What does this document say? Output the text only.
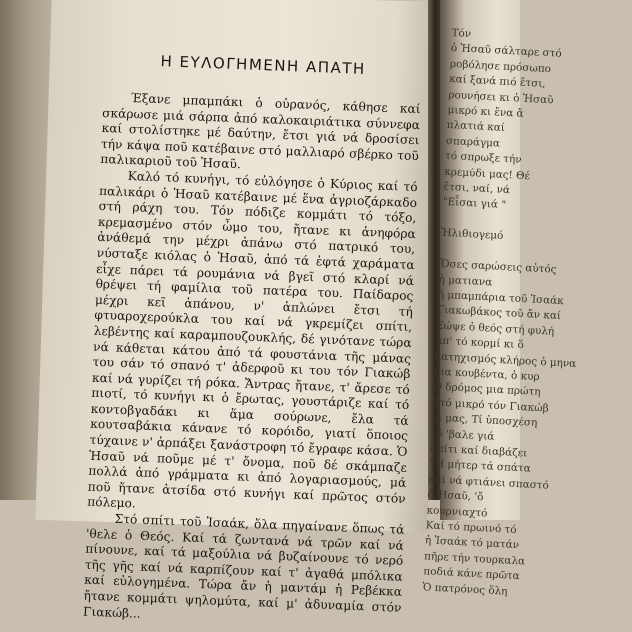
Η ΕΥΛΟΓΗΜΕΝΗ ΑΠΑΤΗ

Έξανε μπαμπάκι ὁ οὐρανός, κάθησε καί σκάρωσε μιά σάρπα ἀπό καλοκαιριάτικα σύννεφα καί στολίστηκε μέ δαύτην, ἔτσι γιά νά δροσίσει τήν κάψα ποῦ κατέβαινε στό μαλλιαρό σβέρκο τοῦ παλικαριοῦ τοῦ Ἡσαῦ.

Καλό τό κυνήγι, τό εὐλόγησε ὁ Κύριος καί τό παλικάρι ὁ Ἡσαῦ κατέβαινε μέ ἕνα ἀγριοζάρκαδο στή ράχη του. Τόν πόδιζε κομμάτι τό τόξο, κρεμασμένο στόν ὦμο του, ἤτανε κι ἀνηφόρα ἀνάθεμά την μέχρι ἀπάνω στό πατρικό του, νύσταξε κιόλας ὁ Ἡσαῦ, ἀπό τά ἑφτά χαράματα εἶχε πάρει τά ρουμάνια νά βγεῖ στό κλαρί νά θρέψει τή φαμίλια τοῦ πατέρα του. Παίδαρος μέχρι κεῖ ἀπάνου, ν' ἀπλώνει ἔτσι τή φτυαροχερούκλα του καί νά γκρεμίζει σπίτι, λεβέντης καί καραμπουζουκλής, δέ γινότανε τώρα νά κάθεται κάτου ἀπό τά φουστάνια τῆς μάνας του σάν τό σπανό τ' ἀδερφοῦ κι του τόν Γιακώβ καί νά γυρίζει τή ρόκα. Ἄντρας ἤτανε, τ' ἄρεσε τό πιοτί, τό κυνήγι κι ὁ ἔρωτας, γουστάριζε καί τό κοντοβγαδάκι κι ἅμα σούρωνε, ἔλα τά κουτσαβάκια κάνανε τό κορόιδο, γιατί ὅποιος τύχαινε ν' ἁρπάξει ξανάστροφη τό ἔγραφε κάσα. Ὁ Ἡσαῦ νά ποῦμε μέ τ' ὄνομα, ποῦ δέ σκάμπαζε πολλά ἀπό γράμματα κι ἀπό λογαριασμούς, μά ποῦ ἤτανε ἀτσίδα στό κυνήγι καί πρῶτος στόν πόλεμο.

Στό σπίτι τοῦ Ἰσαάκ, ὅλα πηγαίνανε ὅπως τά 'θελε ὁ Θεός. Καί τά ζωντανά νά τρῶν καί νά πίνουνε, καί τά μαξούλια νά βυζαίνουνε τό νερό τῆς γῆς καί νά καρπίζουν καί τ' ἀγαθά μπόλικα καί εὐλογημένα. Τώρα ἄν ἡ μαντάμ ἡ Ρεβέκκα ἤτανε κομμάτι ψηλομύτα, καί μ' ἀδυναμία στόν Γιακώβ...

Τόν
ὁ Ἡσαῦ σάλταρε στό
ροβόλησε πρόσωπο
καί ξανά πιό ἔτσι,
ρουνήσει κι ὁ Ἡσαῦ
μικρό κι ἕνα ἄ
πλατιά καί
σπαράγμα
τό σπρωξε τήν
κρεμύδι μας! Θέ
ἔτσι, ναί, νά
"Εἶσαι γιά "

Ἠλιθιογεμό

Ὅσες σαρώσεις αὐτός
ἡ ματιανα
ἡ μπαμπάρια τοῦ Ἰσαάκ
Γιακωβάκος τοῦ ἄν καί
Σώψε ὁ θεός στή φυλή
ἀπ' τό κορμί κι ὅ
κατηχισμός κλήρος ὁ μηνα
μια κουβέντα, ὁ κυρ
Ὁ δρόμος μια πρώτη
Στό μικρό τόν Γιακώβ
κι μας, Τί ὑποσχέση
τό 'βαλε γιά
σπίτι καί διαβάζει
"Ἡ μήτερ τά σπάτα
καί νά φτιάνει σπαστό
ὁ Ἡσαῦ, 'ὄ
κουρνιαχτό
Καί τό πρωινό τό
ἡ Ἰσαάκ τό ματάν
πῆρε τήν τουρκαλα
ποδιά κάνε πρῶτα
Ὁ πατρόνος ὅλη
